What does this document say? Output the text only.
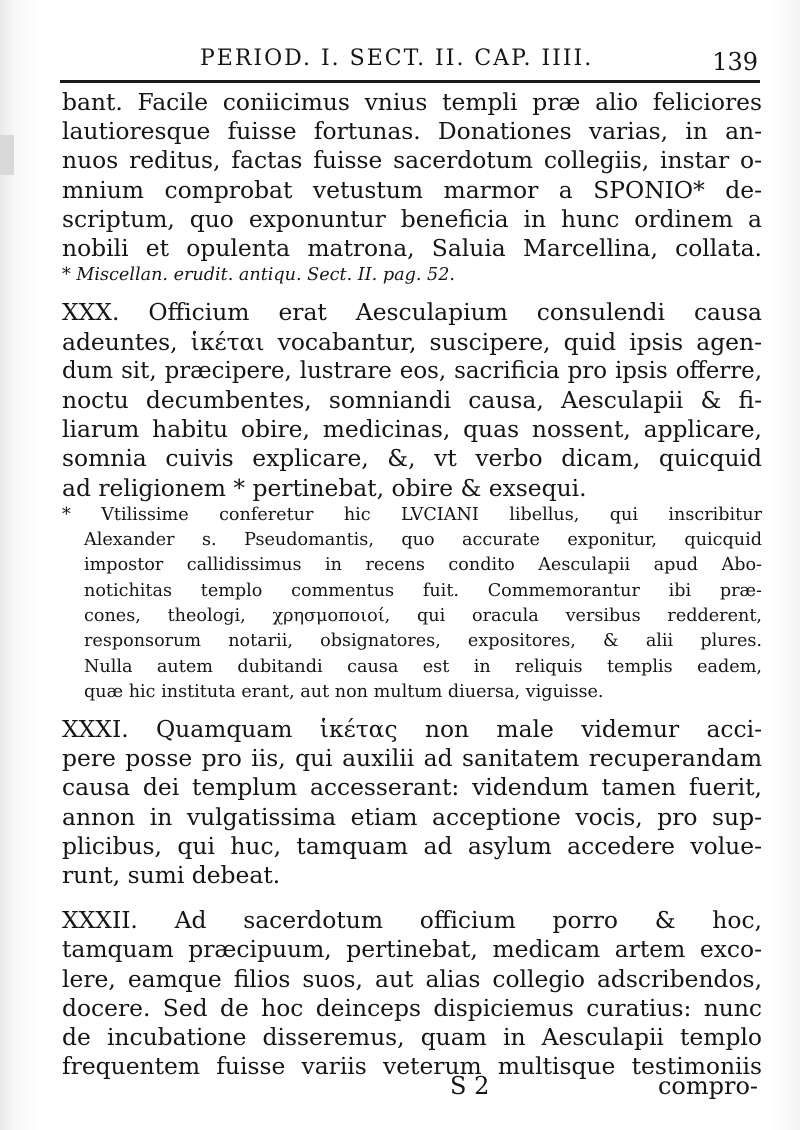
PERIOD. I. SECT. II. CAP. IIII.	139
bant. Facile coniicimus vnius templi præ alio feliciores
lautioresque fuisse fortunas. Donationes varias, in an-
nuos reditus, factas fuisse sacerdotum collegiis, instar o-
mnium comprobat vetustum marmor a SPONIO* de-
scriptum, quo exponuntur beneficia in hunc ordinem a
nobili et opulenta matrona, Saluia Marcellina, collata.
* Miscellan. erudit. antiqu. Sect. II. pag. 52.
XXX. Officium erat Aesculapium consulendi causa
adeuntes, ἱκέται vocabantur, suscipere, quid ipsis agen-
dum sit, præcipere, lustrare eos, sacrificia pro ipsis offerre,
noctu decumbentes, somniandi causa, Aesculapii & fi-
liarum habitu obire, medicinas, quas nossent, applicare,
somnia cuivis explicare, &, vt verbo dicam, quicquid
ad religionem * pertinebat, obire & exsequi.
* Vtilissime conferetur hic LVCIANI libellus, qui inscribitur
Alexander s. Pseudomantis, quo accurate exponitur, quicquid
impostor callidissimus in recens condito Aesculapii apud Abo-
notichitas templo commentus fuit. Commemorantur ibi præ-
cones, theologi, χρησμοποιοί, qui oracula versibus redderent,
responsorum notarii, obsignatores, expositores, & alii plures.
Nulla autem dubitandi causa est in reliquis templis eadem,
quæ hic instituta erant, aut non multum diuersa, viguisse.
XXXI. Quamquam ἱκέτας non male videmur acci-
pere posse pro iis, qui auxilii ad sanitatem recuperandam
causa dei templum accesserant: videndum tamen fuerit,
annon in vulgatissima etiam acceptione vocis, pro sup-
plicibus, qui huc, tamquam ad asylum accedere volue-
runt, sumi debeat.
XXXII. Ad sacerdotum officium porro & hoc,
tamquam præcipuum, pertinebat, medicam artem exco-
lere, eamque filios suos, aut alias collegio adscribendos,
docere. Sed de hoc deinceps dispiciemus curatius: nunc
de incubatione disseremus, quam in Aesculapii templo
frequentem fuisse variis veterum multisque testimoniis
S 2	compro-
